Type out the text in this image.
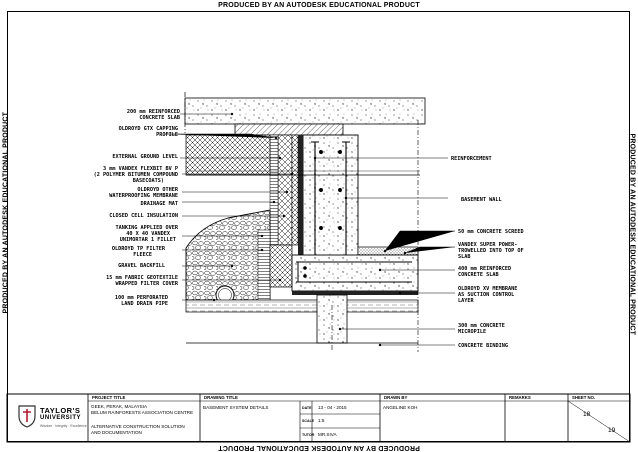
PRODUCED BY AN AUTODESK EDUCATIONAL PRODUCT
PRODUCED BY AN AUTODESK EDUCATIONAL PRODUCT
PRODUCED BY AN AUTODESK EDUCATIONAL PRODUCT	PRODUCED BY AN AUTODESK EDUCATIONAL PRODUCT
200 mm REINFORCED
CONCRETE SLAB
OLDROYD GTX CAPPING
PROFILE
EXTERNAL GROUND LEVEL
3 mm VANDEX FLEXBIT BV P
(2 POLYMER BITUMEN COMPOUND
BASECOATS)
OLDROYD OTHER
WATERPROOFING MEMBRANE
DRAINAGE MAT
CLOSED CELL INSULATION
TANKING APPLIED OVER
40 X 40 VANDEX
UNIMORTAR 1 FILLET
OLDROYD TP FILTER
FLEECE
GRAVEL BACKFILL
15 mm FABRIC GEOTEXTILE
WRAPPED FILTER COVER
100 mm PERFORATED
LAND DRAIN PIPE
REINFORCEMENT
BASEMENT WALL
50 mm CONCRETE SCREED
VANDEX SUPER POWER-
TROWELLED INTO TOP OF
SLAB
400 mm REINFORCED
CONCRETE SLAB
OLDROYD XV MEMBRANE
AS SUCTION CONTROL
LAYER
300 mm CONCRETE
MICROPILE
CONCRETE BINDING
TAYLOR'S
UNIVERSITY
Wisdom · Integrity · Excellence
PROJECT TITLE
GEEK, PERAK, MALAYSIA
BELUM RAINFORESTS ASSOCIATION CENTRE
ALTERNATIVE CONSTRUCTION SOLUTION
AND DOCUMENTATION
DRAWING TITLE
BASEMENT SYSTEM DETAILS	DATE 13 - 04 - 2015
SCALE 1:5
TUTOR MR.SIVA
DRAWN BY
ANGELINE KOH
REMARKS	SHEET NO.
18
19
